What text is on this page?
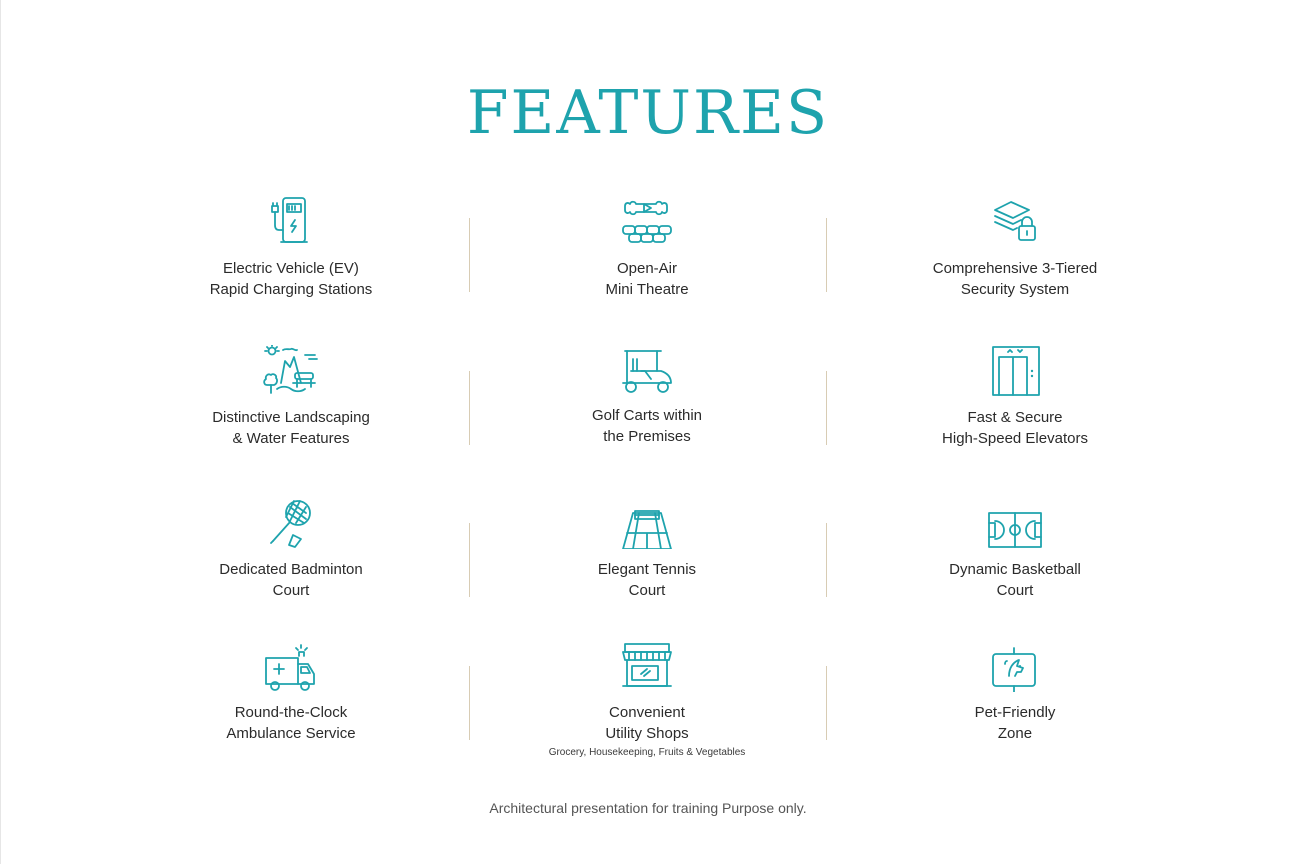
FEATURES
Electric Vehicle (EV)
Rapid Charging Stations
Open-Air
Mini Theatre
Comprehensive 3-Tiered
Security System
Distinctive Landscaping
& Water Features
Golf Carts within
the Premises
Fast & Secure
High-Speed Elevators
Dedicated Badminton
Court
Elegant Tennis
Court
Dynamic Basketball
Court
Round-the-Clock
Ambulance Service
Convenient
Utility Shops
Grocery, Housekeeping, Fruits & Vegetables
Pet-Friendly
Zone
Architectural presentation for training Purpose only.
